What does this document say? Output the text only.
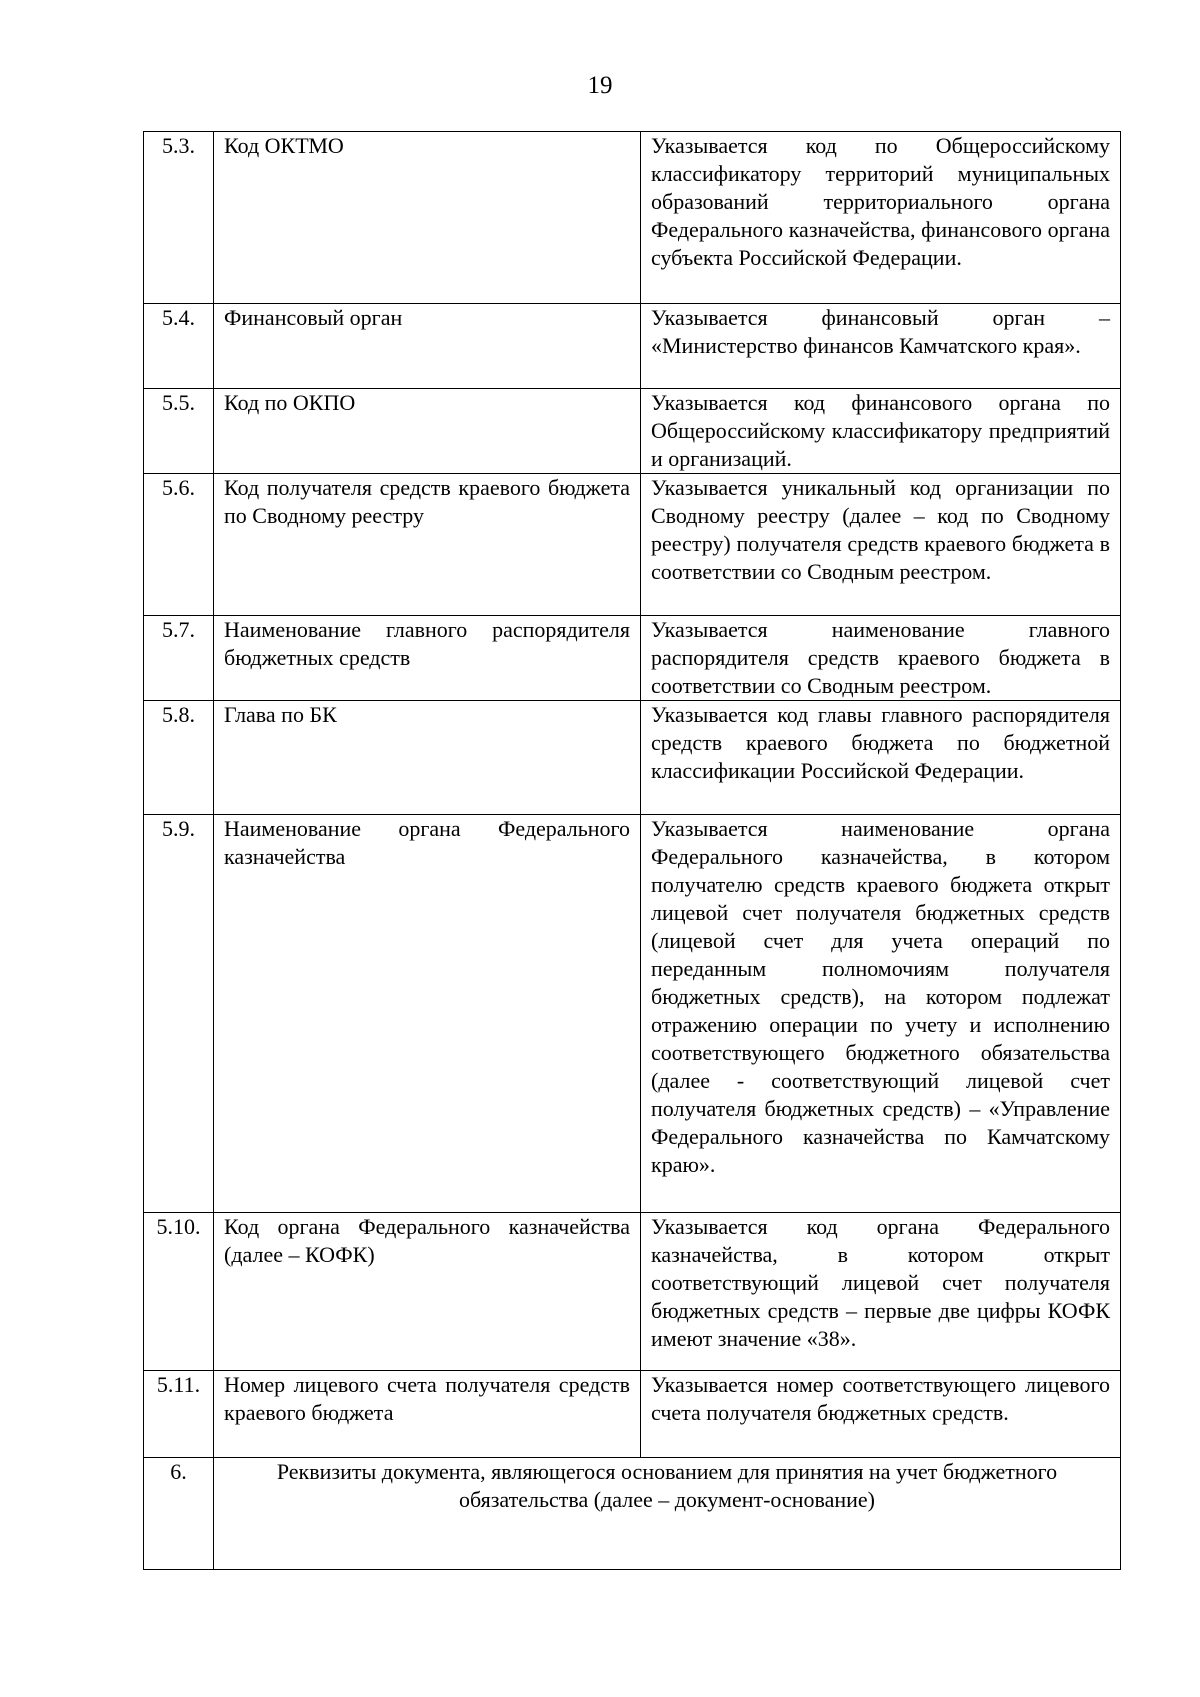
19
5.3.	Код ОКТМО	Указывается код по Общероссийскому классификатору территорий муниципальных образований территориального органа Федерального казначейства, финансового органа субъекта Российской Федерации.
5.4.	Финансовый орган	Указывается финансовый орган – «Министерство финансов Камчатского края».
5.5.	Код по ОКПО	Указывается код финансового органа по Общероссийскому классификатору предприятий и организаций.
5.6.	Код получателя средств краевого бюджета по Сводному реестру	Указывается уникальный код организации по Сводному реестру (далее – код по Сводному реестру) получателя средств краевого бюджета в соответствии со Сводным реестром.
5.7.	Наименование главного распорядителя бюджетных средств	Указывается наименование главного распорядителя средств краевого бюджета в соответствии со Сводным реестром.
5.8.	Глава по БК	Указывается код главы главного распорядителя средств краевого бюджета по бюджетной классификации Российской Федерации.
5.9.	Наименование органа Федерального казначейства	Указывается наименование органа Федерального казначейства, в котором получателю средств краевого бюджета открыт лицевой счет получателя бюджетных средств (лицевой счет для учета операций по переданным полномочиям получателя бюджетных средств), на котором подлежат отражению операции по учету и исполнению соответствующего бюджетного обязательства (далее - соответствующий лицевой счет получателя бюджетных средств) – «Управление Федерального казначейства по Камчатскому краю».
5.10.	Код органа Федерального казначейства (далее – КОФК)	Указывается код органа Федерального казначейства, в котором открыт соответствующий лицевой счет получателя бюджетных средств – первые две цифры КОФК имеют значение «38».
5.11.	Номер лицевого счета получателя средств краевого бюджета	Указывается номер соответствующего лицевого счета получателя бюджетных средств.
6.	Реквизиты документа, являющегося основанием для принятия на учет бюджетного обязательства (далее – документ-основание)	
